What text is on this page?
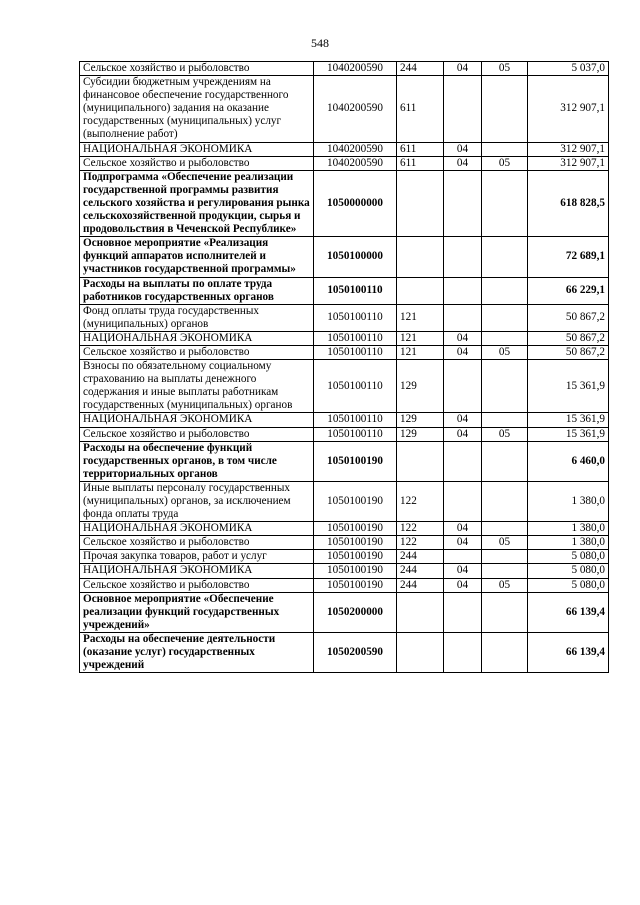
548
Сельское хозяйство и рыболовство	1040200590	244	04	05	5 037,0
Субсидии бюджетным учреждениям на финансовое обеспечение государственного (муниципального) задания на оказание государственных (муниципальных) услуг (выполнение работ)	1040200590	611			312 907,1
НАЦИОНАЛЬНАЯ ЭКОНОМИКА	1040200590	611	04		312 907,1
Сельское хозяйство и рыболовство	1040200590	611	04	05	312 907,1
Подпрограмма «Обеспечение реализации государственной программы развития сельского хозяйства и регулирования рынка сельскохозяйственной продукции, сырья и продовольствия в Чеченской Республике»	1050000000				618 828,5
Основное мероприятие «Реализация функций аппаратов исполнителей и участников государственной программы»	1050100000				72 689,1
Расходы на выплаты по оплате труда работников государственных органов	1050100110				66 229,1
Фонд оплаты труда государственных (муниципальных) органов	1050100110	121			50 867,2
НАЦИОНАЛЬНАЯ ЭКОНОМИКА	1050100110	121	04		50 867,2
Сельское хозяйство и рыболовство	1050100110	121	04	05	50 867,2
Взносы по обязательному социальному страхованию на выплаты денежного содержания и иные выплаты работникам государственных (муниципальных) органов	1050100110	129			15 361,9
НАЦИОНАЛЬНАЯ ЭКОНОМИКА	1050100110	129	04		15 361,9
Сельское хозяйство и рыболовство	1050100110	129	04	05	15 361,9
Расходы на обеспечение функций государственных органов, в том числе территориальных органов	1050100190				6 460,0
Иные выплаты персоналу государственных (муниципальных) органов, за исключением фонда оплаты труда	1050100190	122			1 380,0
НАЦИОНАЛЬНАЯ ЭКОНОМИКА	1050100190	122	04		1 380,0
Сельское хозяйство и рыболовство	1050100190	122	04	05	1 380,0
Прочая закупка товаров, работ и услуг	1050100190	244			5 080,0
НАЦИОНАЛЬНАЯ ЭКОНОМИКА	1050100190	244	04		5 080,0
Сельское хозяйство и рыболовство	1050100190	244	04	05	5 080,0
Основное мероприятие «Обеспечение реализации функций государственных учреждений»	1050200000				66 139,4
Расходы на обеспечение деятельности (оказание услуг) государственных учреждений	1050200590				66 139,4
